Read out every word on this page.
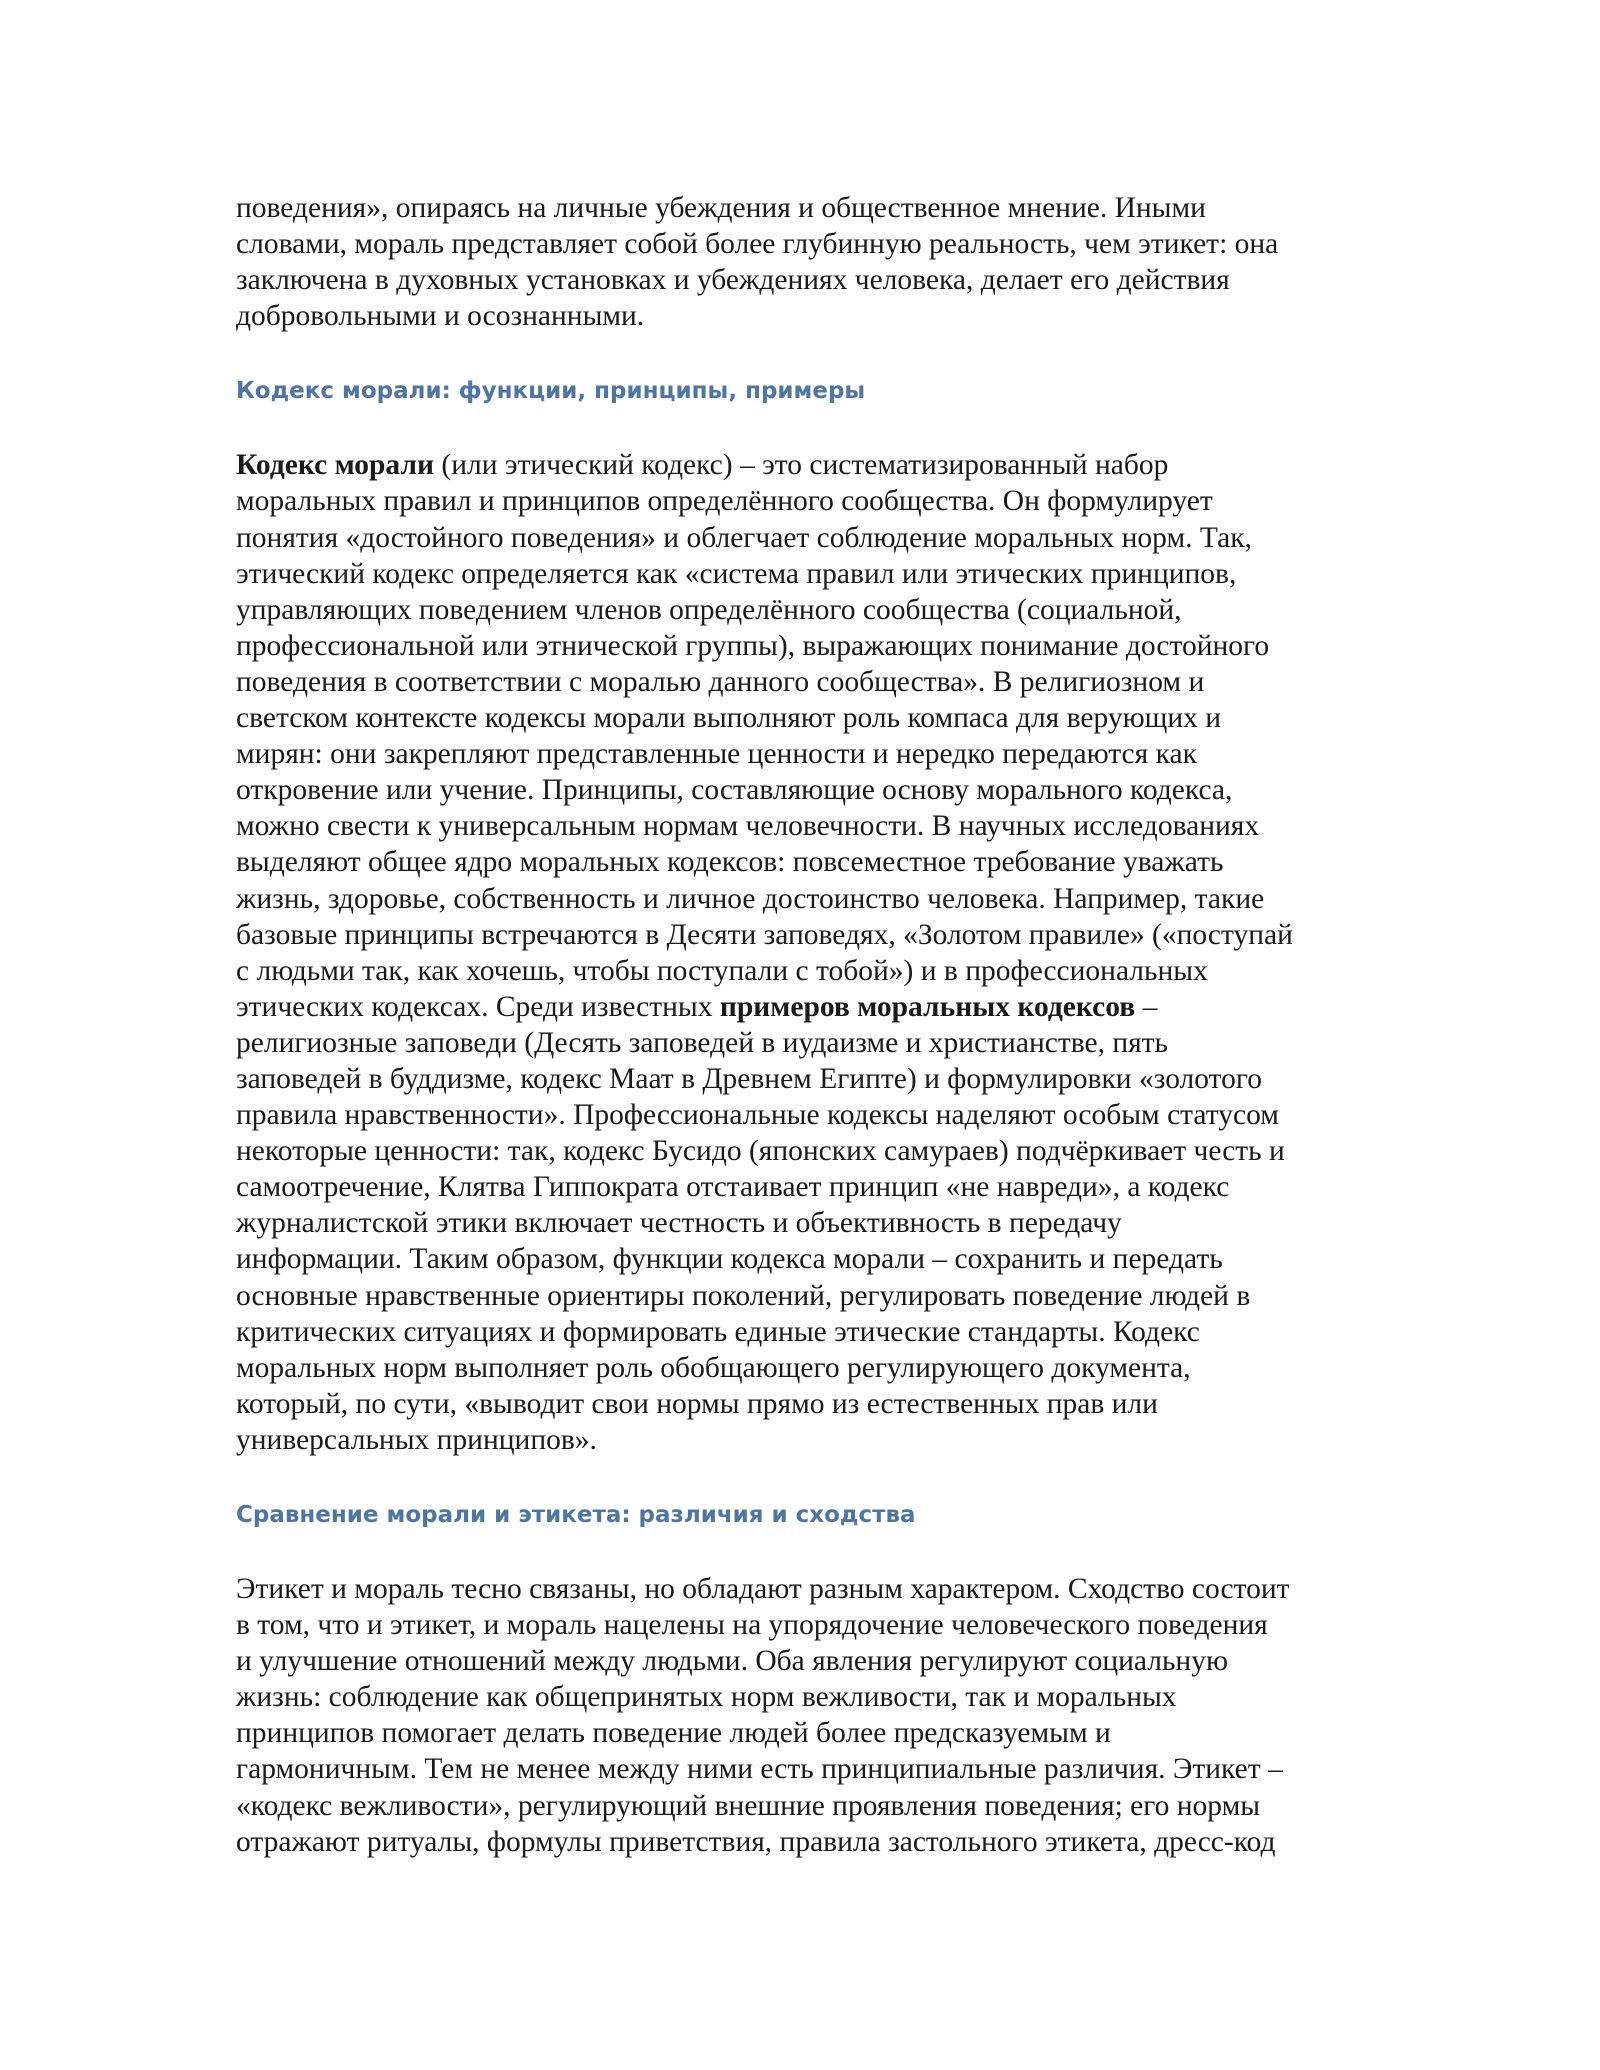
поведения», опираясь на личные убеждения и общественное мнение. Иными
словами, мораль представляет собой более глубинную реальность, чем этикет: она
заключена в духовных установках и убеждениях человека, делает его действия
добровольными и осознанными.

Кодекс морали: функции, принципы, примеры

Кодекс морали (или этический кодекс) – это систематизированный набор
моральных правил и принципов определённого сообщества. Он формулирует
понятия «достойного поведения» и облегчает соблюдение моральных норм. Так,
этический кодекс определяется как «система правил или этических принципов,
управляющих поведением членов определённого сообщества (социальной,
профессиональной или этнической группы), выражающих понимание достойного
поведения в соответствии с моралью данного сообщества». В религиозном и
светском контексте кодексы морали выполняют роль компаса для верующих и
мирян: они закрепляют представленные ценности и нередко передаются как
откровение или учение. Принципы, составляющие основу морального кодекса,
можно свести к универсальным нормам человечности. В научных исследованиях
выделяют общее ядро моральных кодексов: повсеместное требование уважать
жизнь, здоровье, собственность и личное достоинство человека. Например, такие
базовые принципы встречаются в Десяти заповедях, «Золотом правиле» («поступай
с людьми так, как хочешь, чтобы поступали с тобой») и в профессиональных
этических кодексах. Среди известных примеров моральных кодексов –
религиозные заповеди (Десять заповедей в иудаизме и христианстве, пять
заповедей в буддизме, кодекс Маат в Древнем Египте) и формулировки «золотого
правила нравственности». Профессиональные кодексы наделяют особым статусом
некоторые ценности: так, кодекс Бусидо (японских самураев) подчёркивает честь и
самоотречение, Клятва Гиппократа отстаивает принцип «не навреди», а кодекс
журналистской этики включает честность и объективность в передачу
информации. Таким образом, функции кодекса морали – сохранить и передать
основные нравственные ориентиры поколений, регулировать поведение людей в
критических ситуациях и формировать единые этические стандарты. Кодекс
моральных норм выполняет роль обобщающего регулирующего документа,
который, по сути, «выводит свои нормы прямо из естественных прав или
универсальных принципов».

Сравнение морали и этикета: различия и сходства

Этикет и мораль тесно связаны, но обладают разным характером. Сходство состоит
в том, что и этикет, и мораль нацелены на упорядочение человеческого поведения
и улучшение отношений между людьми. Оба явления регулируют социальную
жизнь: соблюдение как общепринятых норм вежливости, так и моральных
принципов помогает делать поведение людей более предсказуемым и
гармоничным. Тем не менее между ними есть принципиальные различия. Этикет –
«кодекс вежливости», регулирующий внешние проявления поведения; его нормы
отражают ритуалы, формулы приветствия, правила застольного этикета, дресс-код
